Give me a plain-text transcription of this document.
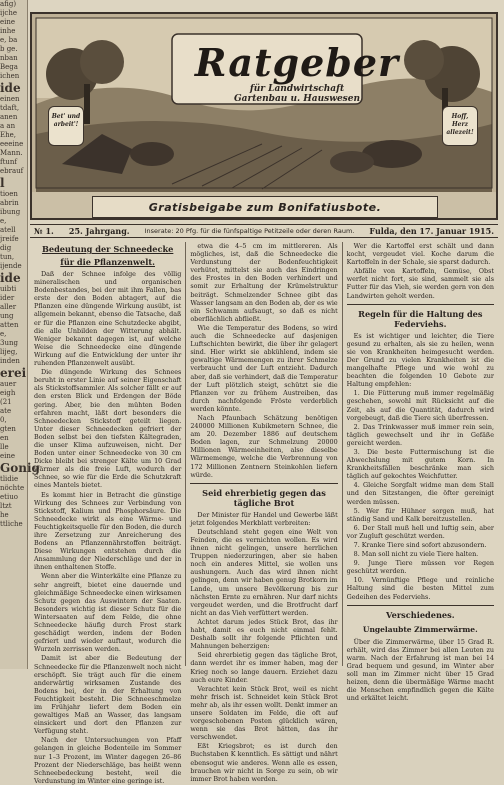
afig)
ijche
eine
inhe
e, ba
b ge.
nban
Bega
ichen
ide
einen
tdaft,
anen
a an
Ehe,
eeeine
Mann.
ftunf
ebrauf
l
tioen
abrin
ibung
e,
atell
jreife
dig
tun,
ijende
ide
uibti
ider
aller
ung
atten
e,
3ung
lijeg,
inden
erei
auer
eigh
(21
ate
0,
gten
en
lle
eine
Gonig
tlidie
nöchte
etiuo
ltzt
he
ttliche
Ratgeber
für Landwirtschaft
Gartenbau u. Hauswesen
Bet' und arbeit'!
Hoff, Herz allezeit!
Gratisbeigabe zum Bonifatiusbote.
№ 1. 25. Jahrgang. Inserate: 20 Pfg. für die fünfspaltige Petitzeile oder deren Raum. Fulda, den 17. Januar 1915.
Bedeutung der Schneedecke
für die Pflanzenwelt.
Daß der Schnee infolge des völlig mineralischen und organischen Bodenbestandes, bei der mit ihm Fallen, bas erste der den Boden abtagert, auf die Pflanzen eine düngende Wirkung ausübt, ist allgemein bekannt, ebenso die Tatsache, daß er für die Pflanzen eine Schutzdecke abgibt, die alle Unbilden der Witterung abhält. Weniger bekannt dagegen ist, auf welche Weise die Schneedecke eine düngende Wirkung auf die Entwicklung der unter ihr ruhenden Pflanzenwelt ausübt.
Die düngende Wirkung des Schnees beruht in erster Linie auf seiner Eigenschaft als Stickstoffsammler. Als solcher fällt er auf den ersten Blick und Erdengen der Böde gering. Aber, bie den mühten Boden erfahren macht, läßt dort besonders die Schneedecken Stickstoff geteilt liegen. Unter dieser Schneedecken gefriert der Boden selbst bei den tiefsten Kältegraden, die unser Klima aufzuweisen, nicht. Der Boden unter einer Schneedecke von 30 cm Dicke bleibt bei strenger Kälte um 10 Grad wärmer als die freie Luft, wodurch der Schnee, so wie für die Erde die Schutzkraft eines Mantels bietet.
Es kommt hier in Betracht die günstige Wirkung des Schnees zur Verbindung von Stickstoff, Kalium und Phosphorsäure. Die Schneedecke wirkt als eine Wärme- und Feuchtigkeitsquelle für den Boden, die durch ihre Zersetzung zur Anreicherung des Bodens an Pflanzennährstoffen beiträgt. Diese Wirkungen entstehen durch die Ansammlung der Niederschläge und der in ihnen enthaltenen Stoffe.
Wenn aber die Winterkälte eine Pflanze zu sehr angreift, bietet eine dauernde und gleichmäßige Schneedecke einen wirksamen Schutz gegen das Auswintern der Saaten. Besonders wichtig ist dieser Schutz für die Wintersaaten auf dem Felde, die ohne Schneedecke häufig durch Frost stark geschädigt werden, indem der Boden gefriert und wieder auftaut, wodurch die Wurzeln zerrissen werden.
Damit ist aber die Bedeutung der Schneedecke für die Pflanzenwelt noch nicht erschöpft. Sie trägt auch für die einem anderwärtig wirksamen Zustande des Bodens bei, der in der Erhaltung von Feuchtigkeit besteht. Die Schneeschmelze im Frühjahr liefert dem Boden ein gewaltiges Maß an Wasser, das langsam einsickert und dort den Pflanzen zur Verfügung steht.
Nach der Untersuchungen von Pfaff gelangen in gleiche Bodenteile im Sommer nur 1–3 Prozent, im Winter dagegen 26–86 Prozent der Niederschläge, bas heißt wenn Schneebedeckung besteht, weil die Verdunstung im Winter eine geringe ist.
etwa die 4–5 cm im mittlereren. Als mögliches, ist, daß die Schneedecke die Verdunstung der Bodenfeuchtigkeit verhütet, mittelst sie auch das Eindringen des Frostes in den Boden verhindert und somit zur Erhaltung der Krümelstruktur beiträgt. Schmelzender Schnee gibt das Wasser langsam an den Boden ab, der es wie ein Schwamm aufsaugt, so daß es nicht oberflächlich abfließt.
Wie die Temperatur des Bodens, so wird auch die Schneedecke auf dasjenigen Luftschichten bewirkt, die über ihr gelagert sind. Hier wirkt sie abkühlend, indem sie gewaltige Wärmemengen zu ihrer Schmelze verbraucht und der Luft entzieht. Dadurch aber, daß sie verhindert, daß die Temperatur der Luft plötzlich steigt, schützt sie die Pflanzen vor zu frühem Austreiben, das durch nachfolgende Fröste verderblich werden könnte.
Nach Pfaunbach Schätzung benötigen 240000 Millionen Kubikmetern Schnee, die am 20. Dezember 1886 auf deutschem Boden lagen, zur Schmelzung 20000 Millionen Wärmeeinheiten, also dieselbe Wärmemenge, welche die Verbrennung von 172 Millionen Zentnern Steinkohlen liefern würde.
Seid ehrerbietig gegen das tägliche Brot
Der Minister für Handel und Gewerbe läßt jetzt folgendes Merkblatt verbreiten:
Deutschland steht gegen eine Welt von Feinden, die es vernichten wollen. Es wird ihnen nicht gelingen, unsere herrlichen Truppen niederzuringen, aber sie haben noch ein anderes Mittel, sie wollen uns aushungern. Auch das wird ihnen nicht gelingen, denn wir haben genug Brotkorn im Lande, um unsere Bevölkerung bis zur nächsten Ernte zu ernähren. Nur darf nichts vergeudet werden, und die Brotfrucht darf nicht an das Vieh verfüttert werden.
Achtet darum jedes Stück Brot, das ihr habt, damit es euch nicht einmal fehlt. Deshalb sollt ihr folgende Pflichten und Mahnungen beherzigen:
Seid ehrerbietig gegen das tägliche Brot, dann werdet ihr es immer haben, mag der Krieg noch so lange dauern. Erziehet dazu auch eure Kinder.
Verachtet kein Stück Brot, weil es nicht mehr frisch ist. Schneidet kein Stück Brot mehr ab, als ihr essen wollt. Denkt immer an unsere Soldaten im Felde, die oft auf vorgeschobenen Posten glücklich wären, wenn sie das Brot hätten, das ihr verschwendet.
Eßt Kriegsbrot; es ist durch den Buchstaben K kenntlich. Es sättigt und nährt ebensogut wie anderes. Wenn alle es essen, brauchen wir nicht in Sorge zu sein, ob wir immer Brot haben werden.
Wer die Kartoffel erst schält und dann kocht, vergeudet viel. Koche darum die Kartoffeln in der Schale, sie sparst dadurch.
Abfälle von Kartoffeln, Gemüse, Obst werfet nicht fort, sie sind, sammelt sie als Futter für das Vieh, sie werden gern von den Landwirten geholt werden.
Regeln für die Haltung des Federviehs.
Es ist wichtiger und leichter, die Tiere gesund zu erhalten, als sie zu heilen, wenn sie von Krankheiten heimgesucht werden. Der Grund zu vielen Krankheiten ist die mangelhafte Pflege und wie wohl zu beachten die folgenden 10 Gebote zur Haltung empfehlen:
1. Die Fütterung muß immer regelmäßig geschehen, sowohl mit Rücksicht auf die Zeit, als auf die Quantität, dadurch wird vorgebeugt, daß die Tiere sich überfressen.
2. Das Trinkwasser muß immer rein sein, täglich gewechselt und ihr in Gefäße gereicht werden.
3. Die beste Futtermischung ist die Abwechslung mit gutem Korn. In Krankheitsfällen beschränke man sich täglich auf gekochtes Weichfutter.
4. Gleiche Sorgfalt widme man dem Stall und den Sitzstangen, die öfter gereinigt werden müssen.
5. Wer für Hühner sorgen muß, hat ständig Sand und Kalk bereitzustellen.
6. Der Stall muß hell und luftig sein, aber vor Zugluft geschützt werden.
7. Kranke Tiere sind sofort abzusondern.
8. Man soll nicht zu viele Tiere halten.
9. Junge Tiere müssen vor Regen geschützt werden.
10. Vernünftige Pflege und reinliche Haltung sind die besten Mittel zum Gedeihen des Federviehs.
Verschiedenes.
Ungelaubte Zimmerwärme.
Über die Zimmerwärme, über 15 Grad R. erhält, wird das Zimmer bei allen Leuten zu warm. Nach der Erfahrung ist man bei 14 Grad bequem und gesund, im Winter aber soll man im Zimmer nicht über 15 Grad heizen, denn die übermäßige Wärme macht die Menschen empfindlich gegen die Kälte und erkältet leicht.
